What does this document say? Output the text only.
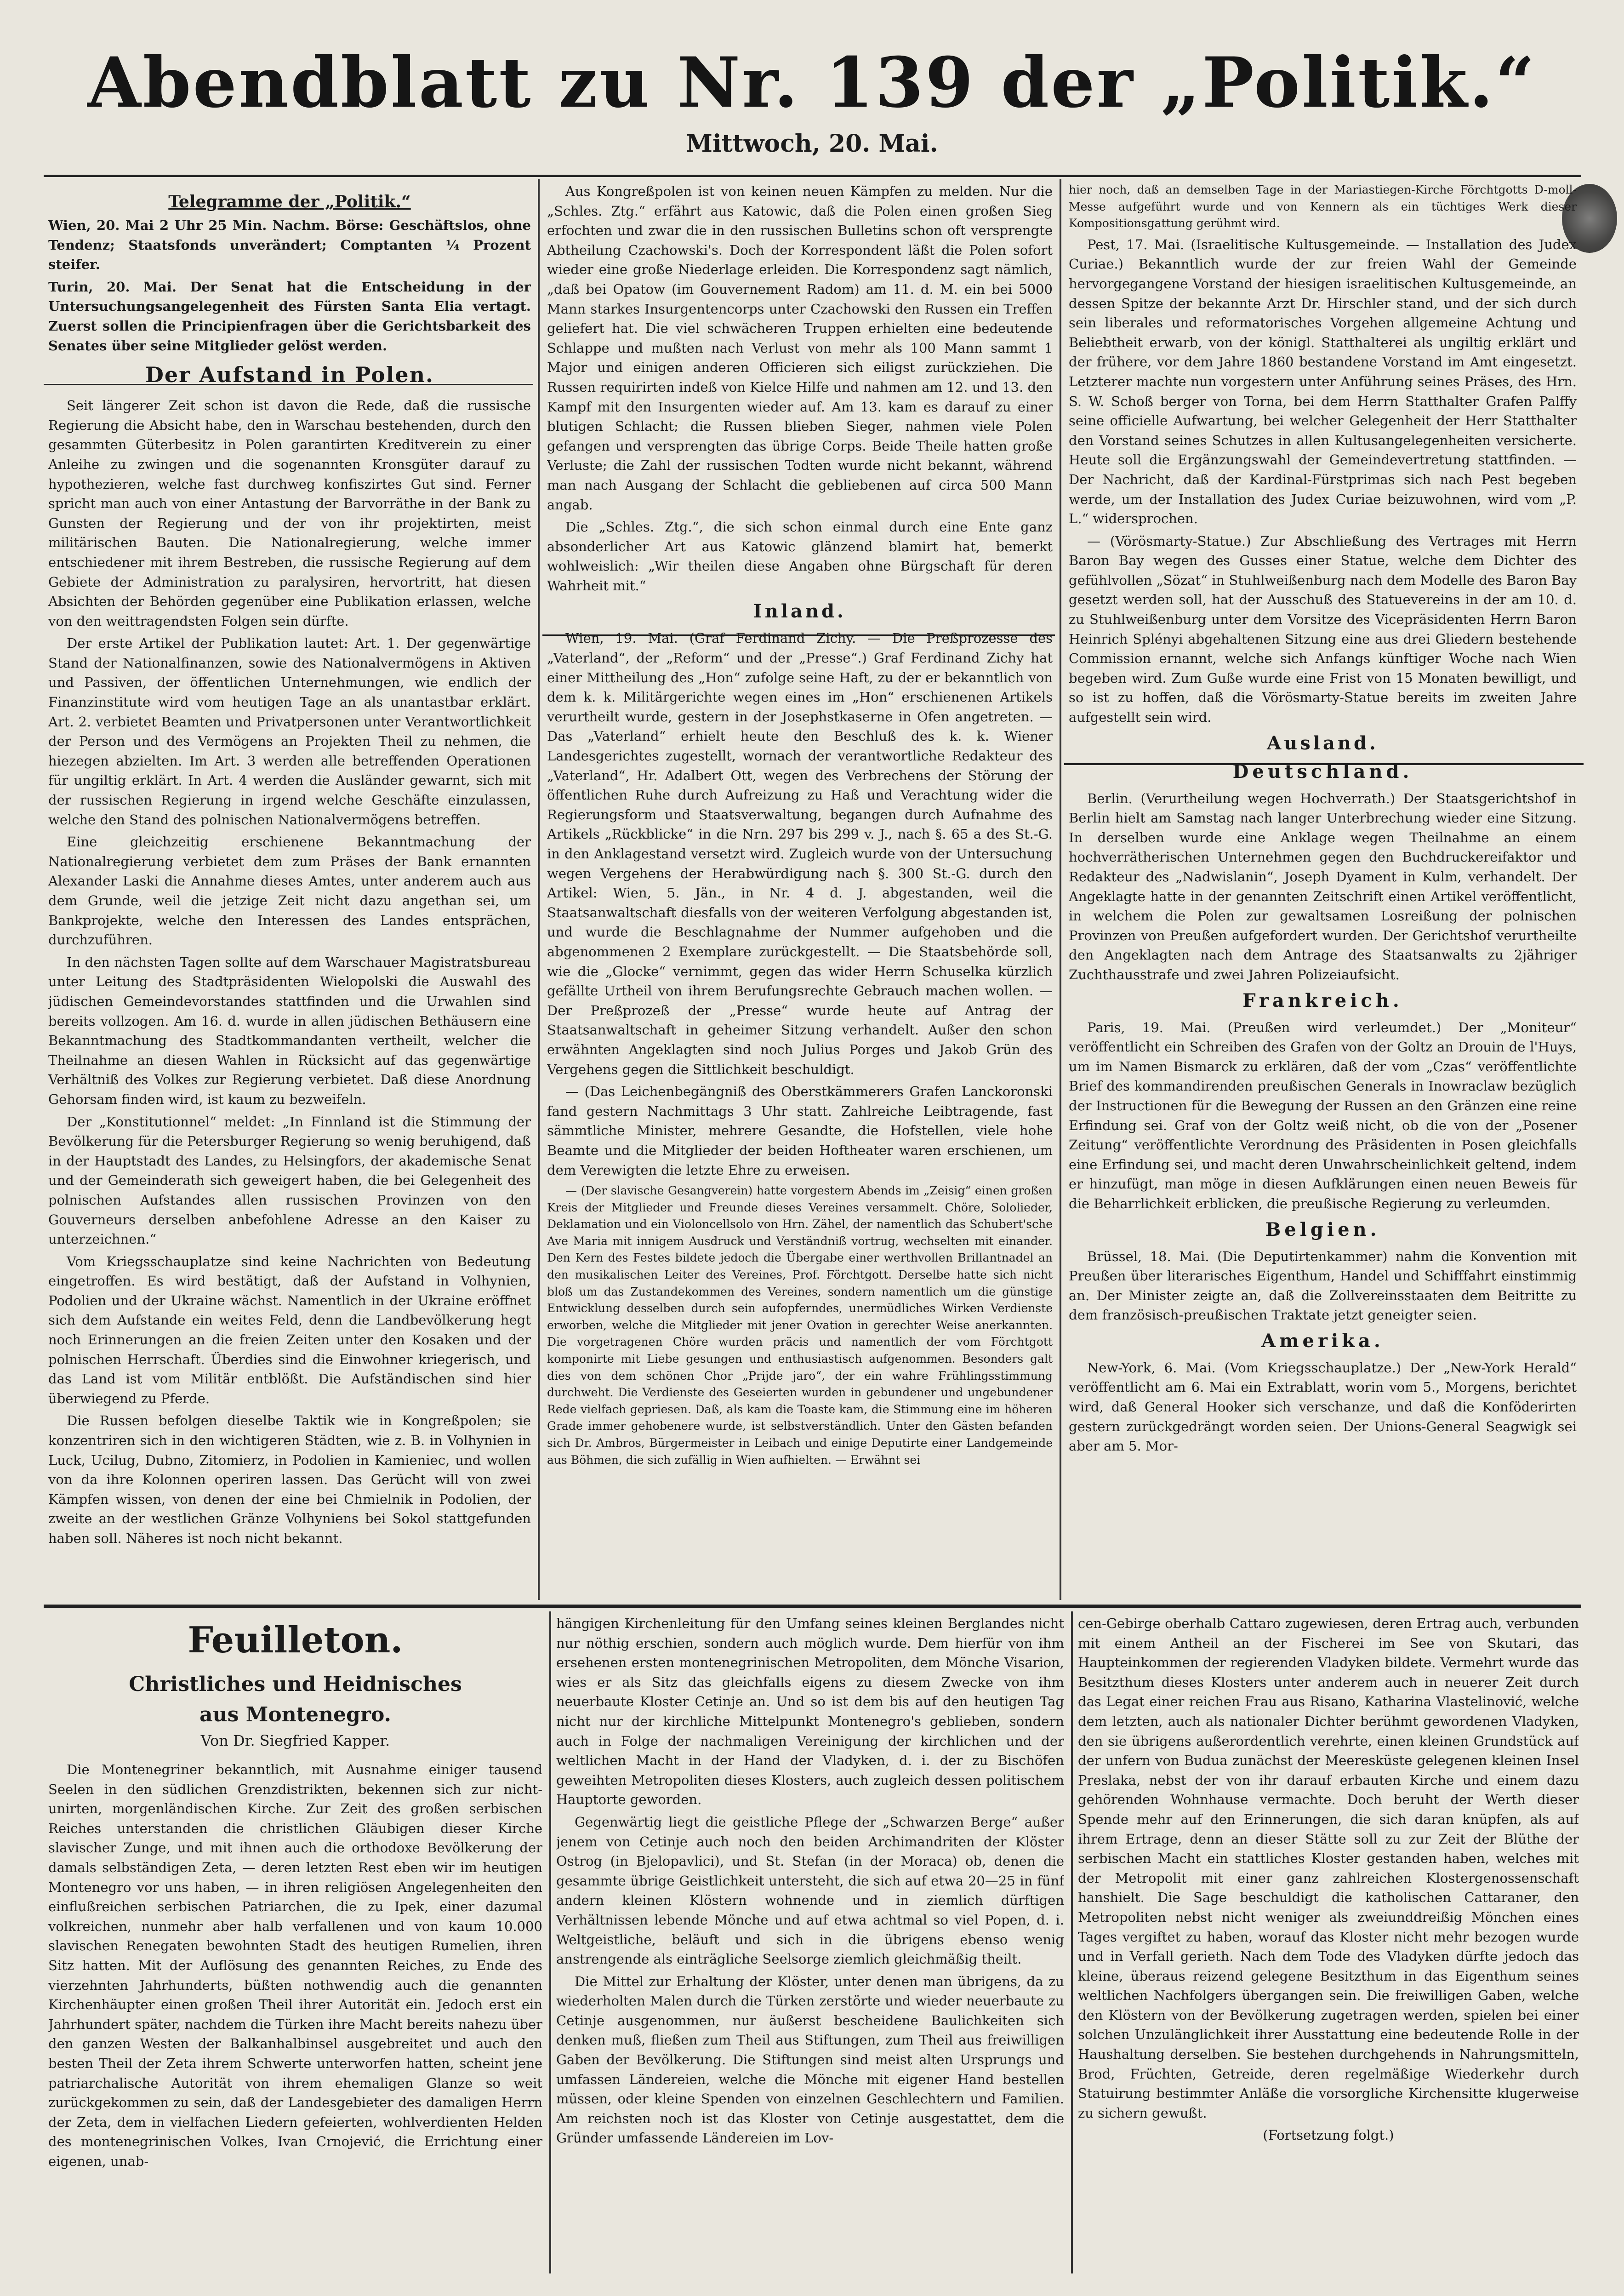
Abendblatt zu Nr. 139 der „Politik.“
Mittwoch, 20. Mai.
Telegramme der „Politik.“

Wien, 20. Mai 2 Uhr 25 Min. Nachm. Börse: Geschäftslos, ohne Tendenz; Staatsfonds unverändert; Comptanten ¼ Prozent steifer.

Turin, 20. Mai. Der Senat hat die Entscheidung in der Untersuchungsangelegenheit des Fürsten Santa Elia vertagt. Zuerst sollen die Principienfragen über die Gerichtsbarkeit des Senates über seine Mitglieder gelöst werden.

Der Aufstand in Polen.

Seit längerer Zeit schon ist davon die Rede, daß die russische Regierung die Absicht habe, den in Warschau bestehenden, durch den gesammten Güterbesitz in Polen garantirten Kreditverein zu einer Anleihe zu zwingen und die sogenannten Kronsgüter darauf zu hypothezieren, welche fast durchweg konfiszirtes Gut sind. Ferner spricht man auch von einer Antastung der Barvorräthe in der Bank zu Gunsten der Regierung und der von ihr projektirten, meist militärischen Bauten. Die Nationalregierung, welche immer entschiedener mit ihrem Bestreben, die russische Regierung auf dem Gebiete der Administration zu paralysiren, hervortritt, hat diesen Absichten der Behörden gegenüber eine Publikation erlassen, welche von den weittragendsten Folgen sein dürfte.

Der erste Artikel der Publikation lautet: Art. 1. Der gegenwärtige Stand der Nationalfinanzen, sowie des Nationalvermögens in Aktiven und Passiven, der öffentlichen Unternehmungen, wie endlich der Finanzinstitute wird vom heutigen Tage an als unantastbar erklärt. Art. 2. verbietet Beamten und Privatpersonen unter Verantwortlichkeit der Person und des Vermögens an Projekten Theil zu nehmen, die hiezegen abzielten. Im Art. 3 werden alle betreffenden Operationen für ungiltig erklärt. In Art. 4 werden die Ausländer gewarnt, sich mit der russischen Regierung in irgend welche Geschäfte einzulassen, welche den Stand des polnischen Nationalvermögens betreffen.

Eine gleichzeitig erschienene Bekanntmachung der Nationalregierung verbietet dem zum Präses der Bank ernannten Alexander Laski die Annahme dieses Amtes, unter anderem auch aus dem Grunde, weil die jetzige Zeit nicht dazu angethan sei, um Bankprojekte, welche den Interessen des Landes entsprächen, durchzuführen.

In den nächsten Tagen sollte auf dem Warschauer Magistratsbureau unter Leitung des Stadtpräsidenten Wielopolski die Auswahl des jüdischen Gemeindevorstandes stattfinden und die Urwahlen sind bereits vollzogen. Am 16. d. wurde in allen jüdischen Bethäusern eine Bekanntmachung des Stadtkommandanten vertheilt, welcher die Theilnahme an diesen Wahlen in Rücksicht auf das gegenwärtige Verhältniß des Volkes zur Regierung verbietet. Daß diese Anordnung Gehorsam finden wird, ist kaum zu bezweifeln.

Der „Konstitutionnel“ meldet: „In Finnland ist die Stimmung der Bevölkerung für die Petersburger Regierung so wenig beruhigend, daß in der Hauptstadt des Landes, zu Helsingfors, der akademische Senat und der Gemeinderath sich geweigert haben, die bei Gelegenheit des polnischen Aufstandes allen russischen Provinzen von den Gouverneurs derselben anbefohlene Adresse an den Kaiser zu unterzeichnen.“

Vom Kriegsschauplatze sind keine Nachrichten von Bedeutung eingetroffen. Es wird bestätigt, daß der Aufstand in Volhynien, Podolien und der Ukraine wächst. Namentlich in der Ukraine eröffnet sich dem Aufstande ein weites Feld, denn die Landbevölkerung hegt noch Erinnerungen an die freien Zeiten unter den Kosaken und der polnischen Herrschaft. Überdies sind die Einwohner kriegerisch, und das Land ist vom Militär entblößt. Die Aufständischen sind hier überwiegend zu Pferde.

Die Russen befolgen dieselbe Taktik wie in Kongreßpolen; sie konzentriren sich in den wichtigeren Städten, wie z. B. in Volhynien in Luck, Ucilug, Dubno, Zitomierz, in Podolien in Kamieniec, und wollen von da ihre Kolonnen operiren lassen. Das Gerücht will von zwei Kämpfen wissen, von denen der eine bei Chmielnik in Podolien, der zweite an der westlichen Gränze Volhyniens bei Sokol stattgefunden haben soll. Näheres ist noch nicht bekannt.

Aus Kongreßpolen ist von keinen neuen Kämpfen zu melden. Nur die „Schles. Ztg.“ erfährt aus Katowic, daß die Polen einen großen Sieg erfochten und zwar die in den russischen Bulletins schon oft versprengte Abtheilung Czachowski's. Doch der Korrespondent läßt die Polen sofort wieder eine große Niederlage erleiden. Die Korrespondenz sagt nämlich, „daß bei Opatow (im Gouvernement Radom) am 11. d. M. ein bei 5000 Mann starkes Insurgentencorps unter Czachowski den Russen ein Treffen geliefert hat. Die viel schwächeren Truppen erhielten eine bedeutende Schlappe und mußten nach Verlust von mehr als 100 Mann sammt 1 Major und einigen anderen Officieren sich eiligst zurückziehen. Die Russen requirirten indeß von Kielce Hilfe und nahmen am 12. und 13. den Kampf mit den Insurgenten wieder auf. Am 13. kam es darauf zu einer blutigen Schlacht; die Russen blieben Sieger, nahmen viele Polen gefangen und versprengten das übrige Corps. Beide Theile hatten große Verluste; die Zahl der russischen Todten wurde nicht bekannt, während man nach Ausgang der Schlacht die gebliebenen auf circa 500 Mann angab.

Die „Schles. Ztg.“, die sich schon einmal durch eine Ente ganz absonderlicher Art aus Katowic glänzend blamirt hat, bemerkt wohlweislich: „Wir theilen diese Angaben ohne Bürgschaft für deren Wahrheit mit.“

Inland.

Wien, 19. Mai. (Graf Ferdinand Zichy. — Die Preßprozesse des „Vaterland“, der „Reform“ und der „Presse“.) Graf Ferdinand Zichy hat einer Mittheilung des „Hon“ zufolge seine Haft, zu der er bekanntlich von dem k. k. Militärgerichte wegen eines im „Hon“ erschienenen Artikels verurtheilt wurde, gestern in der Josephstkaserne in Ofen angetreten. — Das „Vaterland“ erhielt heute den Beschluß des k. k. Wiener Landesgerichtes zugestellt, wornach der verantwortliche Redakteur des „Vaterland“, Hr. Adalbert Ott, wegen des Verbrechens der Störung der öffentlichen Ruhe durch Aufreizung zu Haß und Verachtung wider die Regierungsform und Staatsverwaltung, begangen durch Aufnahme des Artikels „Rückblicke“ in die Nrn. 297 bis 299 v. J., nach §. 65 a des St.-G. in den Anklagestand versetzt wird. Zugleich wurde von der Untersuchung wegen Vergehens der Herabwürdigung nach §. 300 St.-G. durch den Artikel: Wien, 5. Jän., in Nr. 4 d. J. abgestanden, weil die Staatsanwaltschaft diesfalls von der weiteren Verfolgung abgestanden ist, und wurde die Beschlagnahme der Nummer aufgehoben und die abgenommenen 2 Exemplare zurückgestellt. — Die Staatsbehörde soll, wie die „Glocke“ vernimmt, gegen das wider Herrn Schuselka kürzlich gefällte Urtheil von ihrem Berufungsrechte Gebrauch machen wollen. — Der Preßprozeß der „Presse“ wurde heute auf Antrag der Staatsanwaltschaft in geheimer Sitzung verhandelt. Außer den schon erwähnten Angeklagten sind noch Julius Porges und Jakob Grün des Vergehens gegen die Sittlichkeit beschuldigt.

— (Das Leichenbegängniß des Oberstkämmerers Grafen Lanckoronski fand gestern Nachmittags 3 Uhr statt. Zahlreiche Leibtragende, fast sämmtliche Minister, mehrere Gesandte, die Hofstellen, viele hohe Beamte und die Mitglieder der beiden Hoftheater waren erschienen, um dem Verewigten die letzte Ehre zu erweisen.

— (Der slavische Gesangverein) hatte vorgestern Abends im „Zeisig“ einen großen Kreis der Mitglieder und Freunde dieses Vereines versammelt. Chöre, Sololieder, Deklamation und ein Violoncellsolo von Hrn. Zähel, der namentlich das Schubert'sche Ave Maria mit innigem Ausdruck und Verständniß vortrug, wechselten mit einander. Den Kern des Festes bildete jedoch die Übergabe einer werthvollen Brillantnadel an den musikalischen Leiter des Vereines, Prof. Förchtgott. Derselbe hatte sich nicht bloß um das Zustandekommen des Vereines, sondern namentlich um die günstige Entwicklung desselben durch sein aufopferndes, unermüdliches Wirken Verdienste erworben, welche die Mitglieder mit jener Ovation in gerechter Weise anerkannten. Die vorgetragenen Chöre wurden präcis und namentlich der vom Förchtgott komponirte mit Liebe gesungen und enthusiastisch aufgenommen. Besonders galt dies von dem schönen Chor „Prijde jaro“, der ein wahre Frühlingsstimmung durchweht. Die Verdienste des Geseierten wurden in gebundener und ungebundener Rede vielfach gepriesen. Daß, als kam die Toaste kam, die Stimmung eine im höheren Grade immer gehobenere wurde, ist selbstverständlich. Unter den Gästen befanden sich Dr. Ambros, Bürgermeister in Leibach und einige Deputirte einer Landgemeinde aus Böhmen, die sich zufällig in Wien aufhielten. — Erwähnt sei

hier noch, daß an demselben Tage in der Mariastiegen-Kirche Förchtgotts D-moll-Messe aufgeführt wurde und von Kennern als ein tüchtiges Werk dieser Kompositionsgattung gerühmt wird.

Pest, 17. Mai. (Israelitische Kultusgemeinde. — Installation des Judex Curiae.) Bekanntlich wurde der zur freien Wahl der Gemeinde hervorgegangene Vorstand der hiesigen israelitischen Kultusgemeinde, an dessen Spitze der bekannte Arzt Dr. Hirschler stand, und der sich durch sein liberales und reformatorisches Vorgehen allgemeine Achtung und Beliebtheit erwarb, von der königl. Statthalterei als ungiltig erklärt und der frühere, vor dem Jahre 1860 bestandene Vorstand im Amt eingesetzt. Letzterer machte nun vorgestern unter Anführung seines Präses, des Hrn. S. W. Schoß berger von Torna, bei dem Herrn Statthalter Grafen Palffy seine officielle Aufwartung, bei welcher Gelegenheit der Herr Statthalter den Vorstand seines Schutzes in allen Kultusangelegenheiten versicherte. Heute soll die Ergänzungswahl der Gemeindevertretung stattfinden. — Der Nachricht, daß der Kardinal-Fürstprimas sich nach Pest begeben werde, um der Installation des Judex Curiae beizuwohnen, wird vom „P. L.“ widersprochen.

— (Vörösmarty-Statue.) Zur Abschließung des Vertrages mit Herrn Baron Bay wegen des Gusses einer Statue, welche dem Dichter des gefühlvollen „Sözat“ in Stuhlweißenburg nach dem Modelle des Baron Bay gesetzt werden soll, hat der Ausschuß des Statuevereins in der am 10. d. zu Stuhlweißenburg unter dem Vorsitze des Vicepräsidenten Herrn Baron Heinrich Splényi abgehaltenen Sitzung eine aus drei Gliedern bestehende Commission ernannt, welche sich Anfangs künftiger Woche nach Wien begeben wird. Zum Guße wurde eine Frist von 15 Monaten bewilligt, und so ist zu hoffen, daß die Vörösmarty-Statue bereits im zweiten Jahre aufgestellt sein wird.

Ausland.
Deutschland.

Berlin. (Verurtheilung wegen Hochverrath.) Der Staatsgerichtshof in Berlin hielt am Samstag nach langer Unterbrechung wieder eine Sitzung. In derselben wurde eine Anklage wegen Theilnahme an einem hochverrätherischen Unternehmen gegen den Buchdruckereifaktor und Redakteur des „Nadwislanin“, Joseph Dyament in Kulm, verhandelt. Der Angeklagte hatte in der genannten Zeitschrift einen Artikel veröffentlicht, in welchem die Polen zur gewaltsamen Losreißung der polnischen Provinzen von Preußen aufgefordert wurden. Der Gerichtshof verurtheilte den Angeklagten nach dem Antrage des Staatsanwalts zu 2jähriger Zuchthausstrafe und zwei Jahren Polizeiaufsicht.

Frankreich.

Paris, 19. Mai. (Preußen wird verleumdet.) Der „Moniteur“ veröffentlicht ein Schreiben des Grafen von der Goltz an Drouin de l'Huys, um im Namen Bismarck zu erklären, daß der vom „Czas“ veröffentlichte Brief des kommandirenden preußischen Generals in Inowraclaw bezüglich der Instructionen für die Bewegung der Russen an den Gränzen eine reine Erfindung sei. Graf von der Goltz weiß nicht, ob die von der „Posener Zeitung“ veröffentlichte Verordnung des Präsidenten in Posen gleichfalls eine Erfindung sei, und macht deren Unwahrscheinlichkeit geltend, indem er hinzufügt, man möge in diesen Aufklärungen einen neuen Beweis für die Beharrlichkeit erblicken, die preußische Regierung zu verleumden.

Belgien.

Brüssel, 18. Mai. (Die Deputirtenkammer) nahm die Konvention mit Preußen über literarisches Eigenthum, Handel und Schifffahrt einstimmig an. Der Minister zeigte an, daß die Zollvereinsstaaten dem Beitritte zu dem französisch-preußischen Traktate jetzt geneigter seien.

Amerika.

New-York, 6. Mai. (Vom Kriegsschauplatze.) Der „New-York Herald“ veröffentlicht am 6. Mai ein Extrablatt, worin vom 5., Morgens, berichtet wird, daß General Hooker sich verschanze, und daß die Konföderirten gestern zurückgedrängt worden seien. Der Unions-General Seagwigk sei aber am 5. Mor-

Feuilleton.
Christliches und Heidnisches
aus Montenegro.
Von Dr. Siegfried Kapper.

Die Montenegriner bekanntlich, mit Ausnahme einiger tausend Seelen in den südlichen Grenzdistrikten, bekennen sich zur nicht-unirten, morgenländischen Kirche. Zur Zeit des großen serbischen Reiches unterstanden die christlichen Gläubigen dieser Kirche slavischer Zunge, und mit ihnen auch die orthodoxe Bevölkerung der damals selbständigen Zeta, — deren letzten Rest eben wir im heutigen Montenegro vor uns haben, — in ihren religiösen Angelegenheiten den einflußreichen serbischen Patriarchen, die zu Ipek, einer dazumal volkreichen, nunmehr aber halb verfallenen und von kaum 10.000 slavischen Renegaten bewohnten Stadt des heutigen Rumelien, ihren Sitz hatten. Mit der Auflösung des genannten Reiches, zu Ende des vierzehnten Jahrhunderts, büßten nothwendig auch die genannten Kirchenhäupter einen großen Theil ihrer Autorität ein. Jedoch erst ein Jahrhundert später, nachdem die Türken ihre Macht bereits nahezu über den ganzen Westen der Balkanhalbinsel ausgebreitet und auch den besten Theil der Zeta ihrem Schwerte unterworfen hatten, scheint jene patriarchalische Autorität von ihrem ehemaligen Glanze so weit zurückgekommen zu sein, daß der Landesgebieter des damaligen Herrn der Zeta, dem in vielfachen Liedern gefeierten, wohlverdienten Helden des montenegrinischen Volkes, Ivan Crnojević, die Errichtung einer eigenen, unab-

hängigen Kirchenleitung für den Umfang seines kleinen Berglandes nicht nur nöthig erschien, sondern auch möglich wurde. Dem hierfür von ihm ersehenen ersten montenegrinischen Metropoliten, dem Mönche Visarion, wies er als Sitz das gleichfalls eigens zu diesem Zwecke von ihm neuerbaute Kloster Cetinje an. Und so ist dem bis auf den heutigen Tag nicht nur der kirchliche Mittelpunkt Montenegro's geblieben, sondern auch in Folge der nachmaligen Vereinigung der kirchlichen und der weltlichen Macht in der Hand der Vladyken, d. i. der zu Bischöfen geweihten Metropoliten dieses Klosters, auch zugleich dessen politischem Hauptorte geworden.

Gegenwärtig liegt die geistliche Pflege der „Schwarzen Berge“ außer jenem von Cetinje auch noch den beiden Archimandriten der Klöster Ostrog (in Bjelopavlici), und St. Stefan (in der Moraca) ob, denen die gesammte übrige Geistlichkeit untersteht, die sich auf etwa 20—25 in fünf andern kleinen Klöstern wohnende und in ziemlich dürftigen Verhältnissen lebende Mönche und auf etwa achtmal so viel Popen, d. i. Weltgeistliche, beläuft und sich in die übrigens ebenso wenig anstrengende als einträgliche Seelsorge ziemlich gleichmäßig theilt.

Die Mittel zur Erhaltung der Klöster, unter denen man übrigens, da zu wiederholten Malen durch die Türken zerstörte und wieder neuerbaute zu Cetinje ausgenommen, nur äußerst bescheidene Baulichkeiten sich denken muß, fließen zum Theil aus Stiftungen, zum Theil aus freiwilligen Gaben der Bevölkerung. Die Stiftungen sind meist alten Ursprungs und umfassen Ländereien, welche die Mönche mit eigener Hand bestellen müssen, oder kleine Spenden von einzelnen Geschlechtern und Familien. Am reichsten noch ist das Kloster von Cetinje ausgestattet, dem die Gründer umfassende Ländereien im Lov-

cen-Gebirge oberhalb Cattaro zugewiesen, deren Ertrag auch, verbunden mit einem Antheil an der Fischerei im See von Skutari, das Haupteinkommen der regierenden Vladyken bildete. Vermehrt wurde das Besitzthum dieses Klosters unter anderem auch in neuerer Zeit durch das Legat einer reichen Frau aus Risano, Katharina Vlastelinović, welche dem letzten, auch als nationaler Dichter berühmt gewordenen Vladyken, den sie übrigens außerordentlich verehrte, einen kleinen Grundstück auf der unfern von Budua zunächst der Meeresküste gelegenen kleinen Insel Preslaka, nebst der von ihr darauf erbauten Kirche und einem dazu gehörenden Wohnhause vermachte. Doch beruht der Werth dieser Spende mehr auf den Erinnerungen, die sich daran knüpfen, als auf ihrem Ertrage, denn an dieser Stätte soll zu zur Zeit der Blüthe der serbischen Macht ein stattliches Kloster gestanden haben, welches mit der Metropolit mit einer ganz zahlreichen Klostergenossenschaft hanshielt. Die Sage beschuldigt die katholischen Cattaraner, den Metropoliten nebst nicht weniger als zweiunddreißig Mönchen eines Tages vergiftet zu haben, worauf das Kloster nicht mehr bezogen wurde und in Verfall gerieth. Nach dem Tode des Vladyken dürfte jedoch das kleine, überaus reizend gelegene Besitzthum in das Eigenthum seines weltlichen Nachfolgers übergangen sein. Die freiwilligen Gaben, welche den Klöstern von der Bevölkerung zugetragen werden, spielen bei einer solchen Unzulänglichkeit ihrer Ausstattung eine bedeutende Rolle in der Haushaltung derselben. Sie bestehen durchgehends in Nahrungsmitteln, Brod, Früchten, Getreide, deren regelmäßige Wiederkehr durch Statuirung bestimmter Anläße die vorsorgliche Kirchensitte klugerweise zu sichern gewußt.

(Fortsetzung folgt.)
